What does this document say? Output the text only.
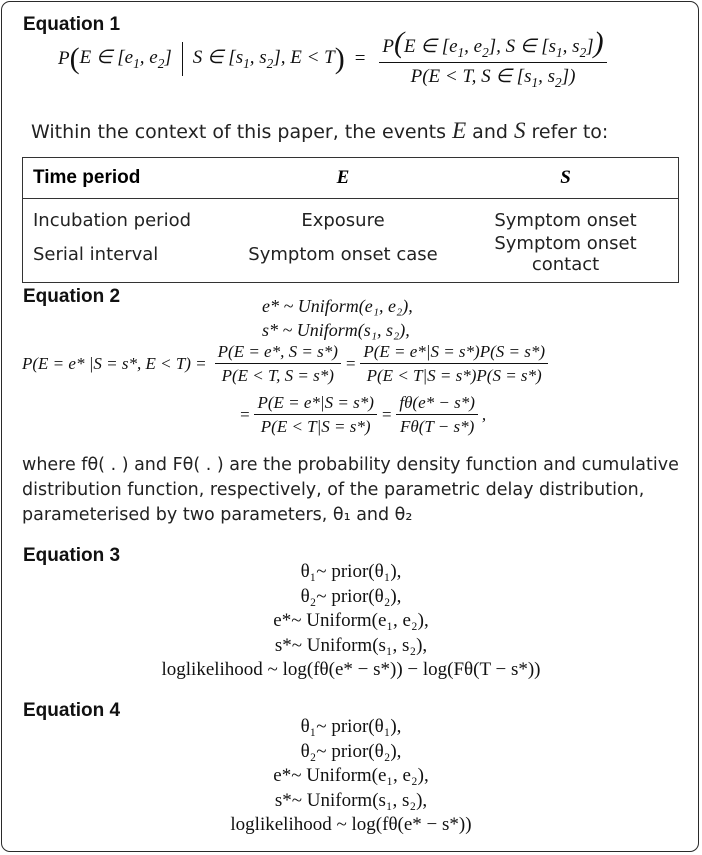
Equation 1
P ( E ∈ [$e_1$, $e_2$] S ∈ [$s_1$, $s_2$], E < T ) = $\frac{P(E \in [e_1, e_2], S \in [s_1, s_2])}{P(E < T, S \in [s_1, s_2])}$
Within the context of this paper, the events E and S refer to:
Time period	E	S
Incubation period	Exposure	Symptom onset
Serial interval	Symptom onset case	Symptom onset contact
Equation 2	e* ~ Uniform(e₁, e₂),
s* ~ Uniform(s₁, s₂),
P(E = e* |S = s*, $E < T) = \frac{P(E = e*, S = s*)}{P(E < T, S = s*)} = \frac{P(E = e*|S = s*)P(S = s*)}{P(E < T|S = s*)P(S = s*)}$
= $\frac{P(E = e*|S = s*)}{P(E < T|S = s*)} = \frac{f\theta(e* - s*)}{F\theta(T - s*)}$ ,
where fθ( . ) and Fθ( . ) are the probability density function and cumulative
distribution function, respectively, of the parametric delay distribution,
parameterised by two parameters, θ₁ and θ₂
Equation 3
θ₁~ prior(θ₁),
θ₂~ prior(θ₂),
e*~ Uniform(e₁, e₂),
s*~ Uniform(s₁, s₂),
loglikelihood ~ log(fθ(e* − s*)) − log(Fθ(T − s*))
Equation 4
θ₁~ prior(θ₁),
θ₂~ prior(θ₂),
e*~ Uniform(e₁, e₂),
s*~ Uniform(s₁, s₂),
loglikelihood ~ log(fθ(e* − s*))
